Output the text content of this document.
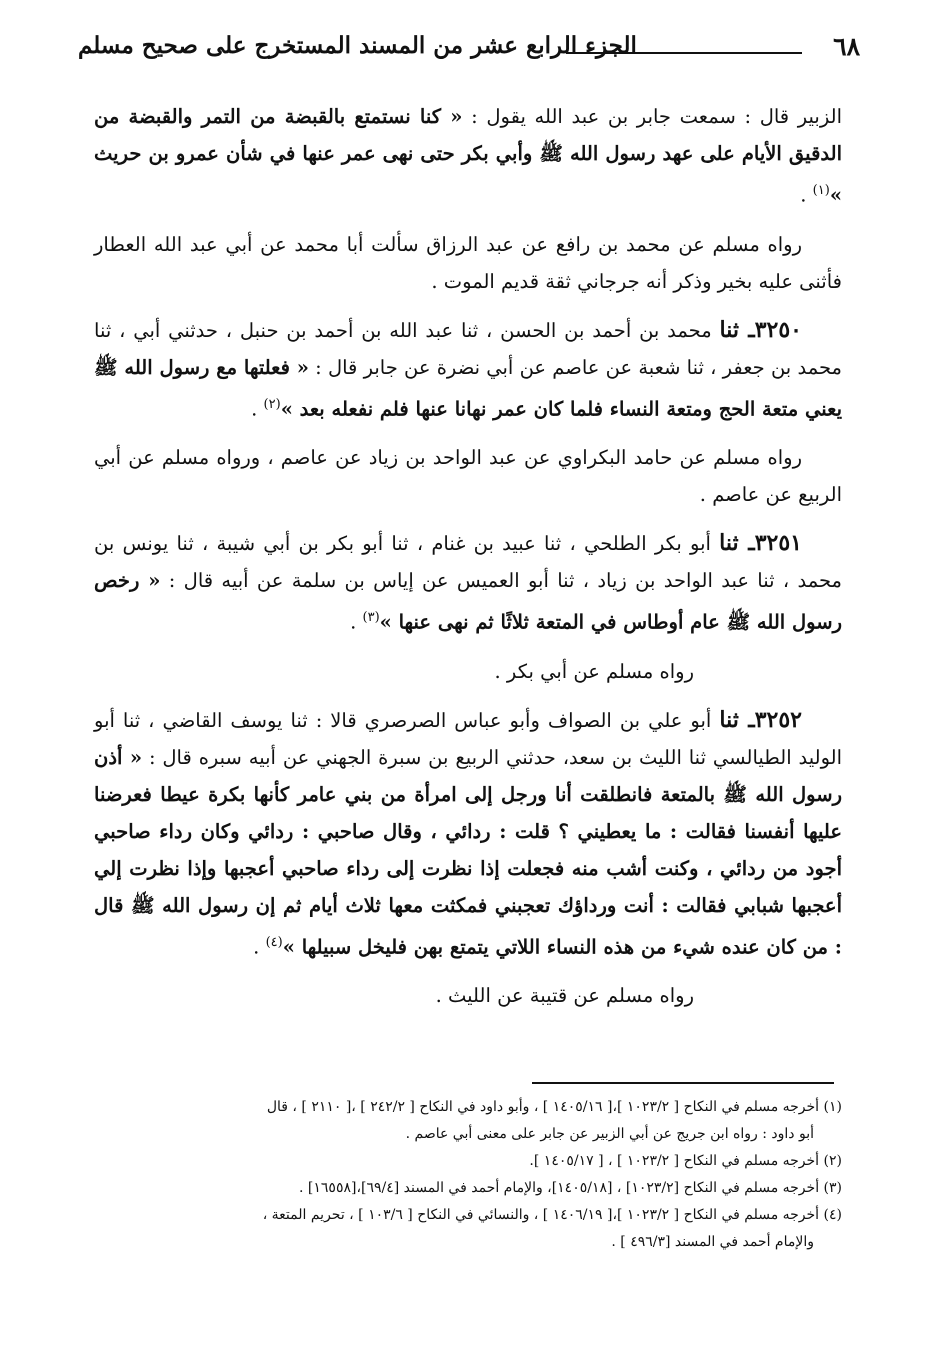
٦٨
الجزء الرابع عشر من المسند المستخرج على صحيح مسلم

الزبير قال : سمعت جابر بن عبد الله يقول : « كنا نستمتع بالقبضة من التمر والقبضة من الدقيق الأيام على عهد رسول الله ﷺ وأبي بكر حتى نهى عمر عنها في شأن عمرو بن حريث »$^{(١)}$ .

رواه مسلم عن محمد بن رافع عن عبد الرزاق سألت أبا محمد عن أبي عبد الله العطار فأثنى عليه بخير وذكر أنه جرجاني ثقة قديم الموت .

٣٢٥٠ـ ثنا محمد بن أحمد بن الحسن ، ثنا عبد الله بن أحمد بن حنبل ، حدثني أبي ، ثنا محمد بن جعفر ، ثنا شعبة عن عاصم عن أبي نضرة عن جابر قال : « فعلتها مع رسول الله ﷺ يعني متعة الحج ومتعة النساء فلما كان عمر نهانا عنها فلم نفعله بعد »$^{(٢)}$ .

رواه مسلم عن حامد البكراوي عن عبد الواحد بن زياد عن عاصم ، ورواه مسلم عن أبي الربيع عن عاصم .

٣٢٥١ـ ثنا أبو بكر الطلحي ، ثنا عبيد بن غنام ، ثنا أبو بكر بن أبي شيبة ، ثنا يونس بن محمد ، ثنا عبد الواحد بن زياد ، ثنا أبو العميس عن إياس بن سلمة عن أبيه قال : « رخص رسول الله ﷺ عام أوطاس في المتعة ثلاثًا ثم نهى عنها »$^{(٣)}$ .

رواه مسلم عن أبي بكر .

٣٢٥٢ـ ثنا أبو علي بن الصواف وأبو عباس الصرصري قالا : ثنا يوسف القاضي ، ثنا أبو الوليد الطيالسي ثنا الليث بن سعد، حدثني الربيع بن سبرة الجهني عن أبيه سبره قال : « أذن رسول الله ﷺ بالمتعة فانطلقت أنا ورجل إلى امرأة من بني عامر كأنها بكرة عيطا فعرضنا عليها أنفسنا فقالت : ما يعطيني ؟ قلت : ردائي ، وقال صاحبي : ردائي وكان رداء صاحبي أجود من ردائي ، وكنت أشب منه فجعلت إذا نظرت إلى رداء صاحبي أعجبها وإذا نظرت إلي أعجبها شبابي فقالت : أنت ورداؤك تعجبني فمكثت معها ثلاث أيام ثم إن رسول الله ﷺ قال : من كان عنده شيء من هذه النساء اللاتي يتمتع بهن فليخل سبيلها »$^{(٤)}$ .

رواه مسلم عن قتيبة عن الليث .

(١) أخرجه مسلم في النكاح [ ١٠٢٣/٢ ]،[ ١٤٠٥/١٦ ] ، وأبو داود في النكاح [ ٢٤٢/٢ ] ،[ ٢١١٠ ] ، قال

أبو داود : رواه ابن جريج عن أبي الزبير عن جابر على معنى أبي عاصم .

(٢) أخرجه مسلم في النكاح [ ١٠٢٣/٢ ] ، [ ١٤٠٥/١٧ ].

(٣) أخرجه مسلم في النكاح [١٠٢٣/٢] ، [١٤٠٥/١٨]، والإمام أحمد في المسند [٦٩/٤]،[١٦٥٥٨] .

(٤) أخرجه مسلم في النكاح [ ١٠٢٣/٢ ]،[ ١٤٠٦/١٩ ] ، والنسائي في النكاح [ ١٠٣/٦ ] ، تحريم المتعة ،

والإمام أحمد في المسند [٤٩٦/٣ ] .
